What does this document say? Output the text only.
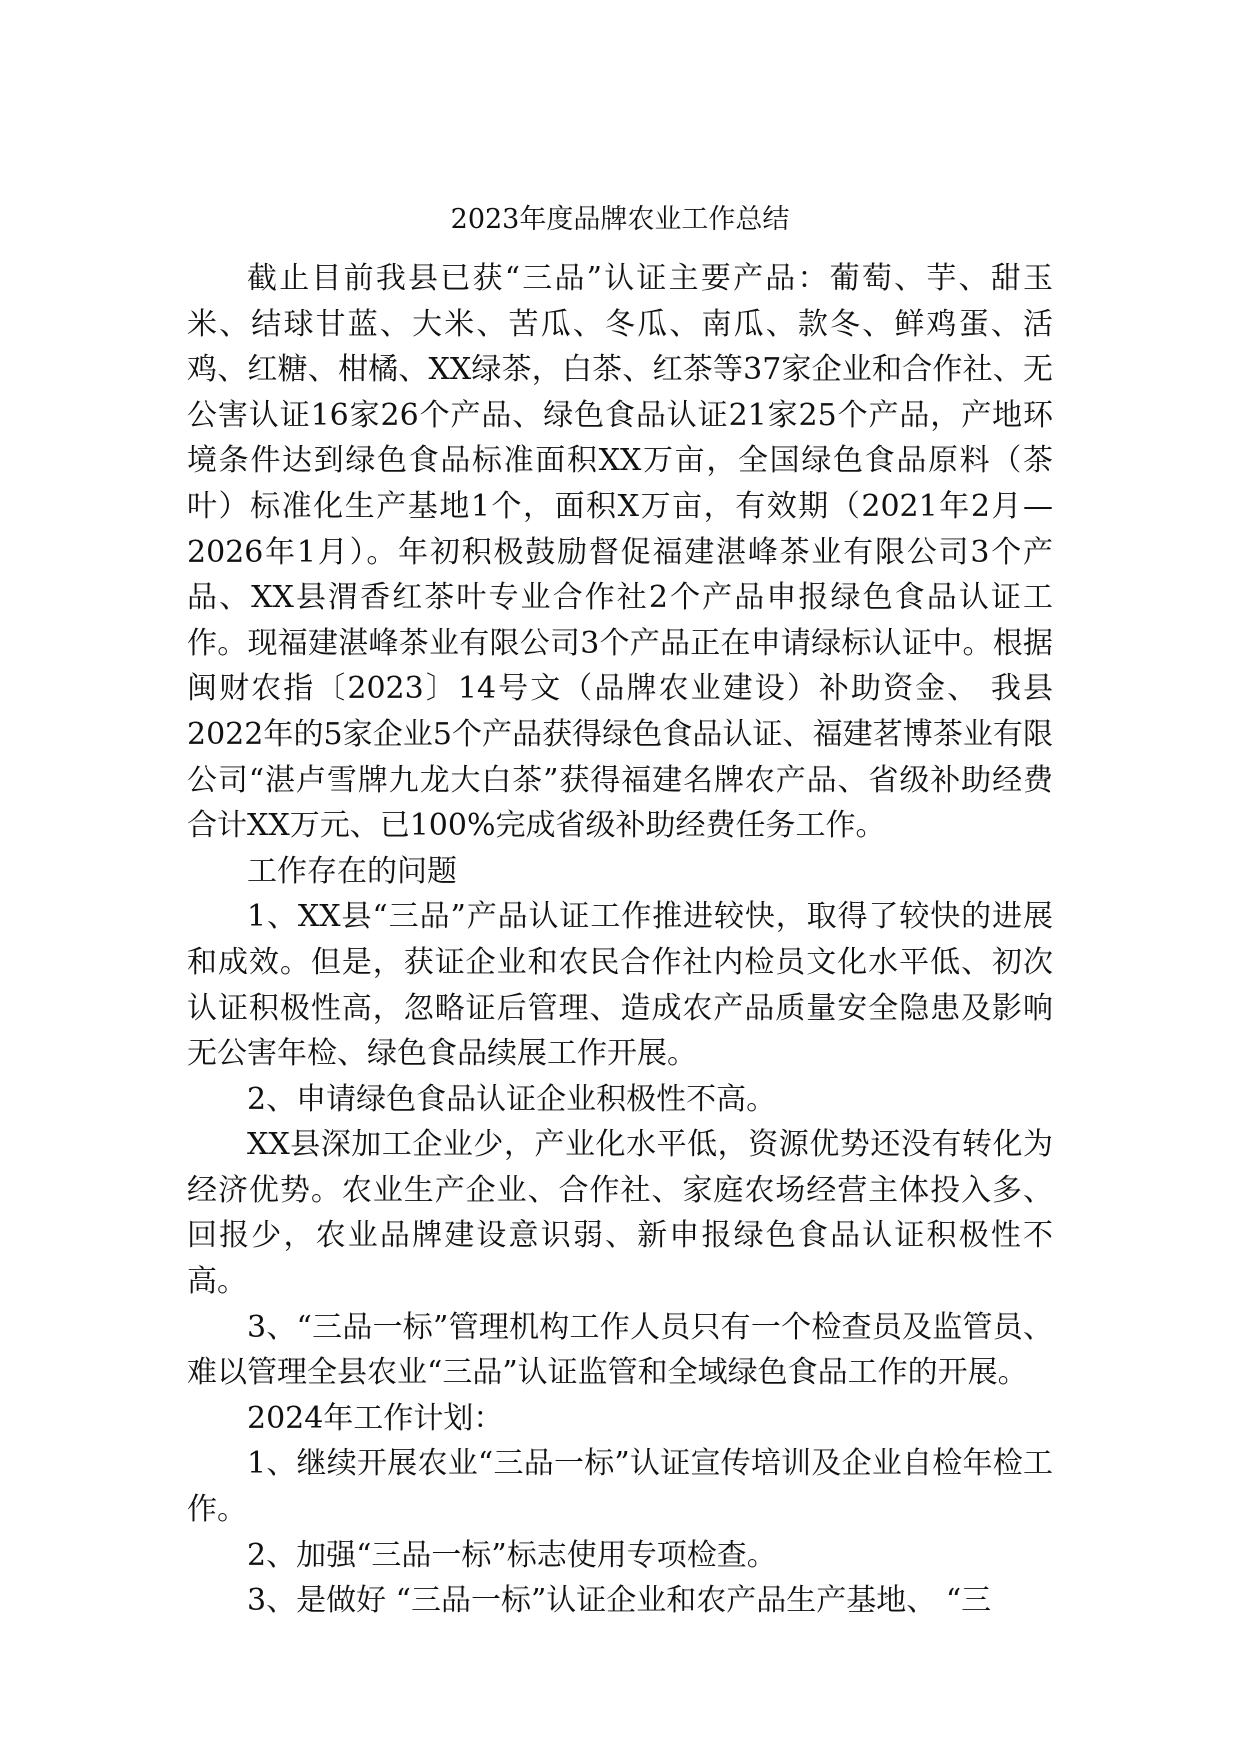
2023年度品牌农业工作总结

截止目前我县已获“三品”认证主要产品：葡萄、芋、甜玉米、结球甘蓝、大米、苦瓜、冬瓜、南瓜、款冬、鲜鸡蛋、活鸡、红糖、柑橘、XX绿茶，白茶、红茶等37家企业和合作社、无公害认证16家26个产品、绿色食品认证21家25个产品，产地环境条件达到绿色食品标准面积XX万亩，全国绿色食品原料（茶叶）标准化生产基地1个，面积X万亩，有效期（2021年2月—2026年1月）。年初积极鼓励督促福建湛峰茶业有限公司3个产品、XX县渭香红茶叶专业合作社2个产品申报绿色食品认证工作。现福建湛峰茶业有限公司3个产品正在申请绿标认证中。根据闽财农指〔2023〕14号文（品牌农业建设）补助资金、 我县2022年的5家企业5个产品获得绿色食品认证、福建茗博茶业有限公司“湛卢雪牌九龙大白茶”获得福建名牌农产品、省级补助经费合计XX万元、已100%完成省级补助经费任务工作。

工作存在的问题

1、XX县“三品”产品认证工作推进较快，取得了较快的进展和成效。但是，获证企业和农民合作社内检员文化水平低、初次认证积极性高，忽略证后管理、造成农产品质量安全隐患及影响无公害年检、绿色食品续展工作开展。

2、申请绿色食品认证企业积极性不高。

XX县深加工企业少，产业化水平低，资源优势还没有转化为经济优势。农业生产企业、合作社、家庭农场经营主体投入多、回报少，农业品牌建设意识弱、新申报绿色食品认证积极性不高。

3、“三品一标”管理机构工作人员只有一个检查员及监管员、难以管理全县农业“三品”认证监管和全域绿色食品工作的开展。

2024年工作计划：

1、继续开展农业“三品一标”认证宣传培训及企业自检年检工作。

2、加强“三品一标”标志使用专项检查。

3、是做好 “三品一标”认证企业和农产品生产基地、 “三
